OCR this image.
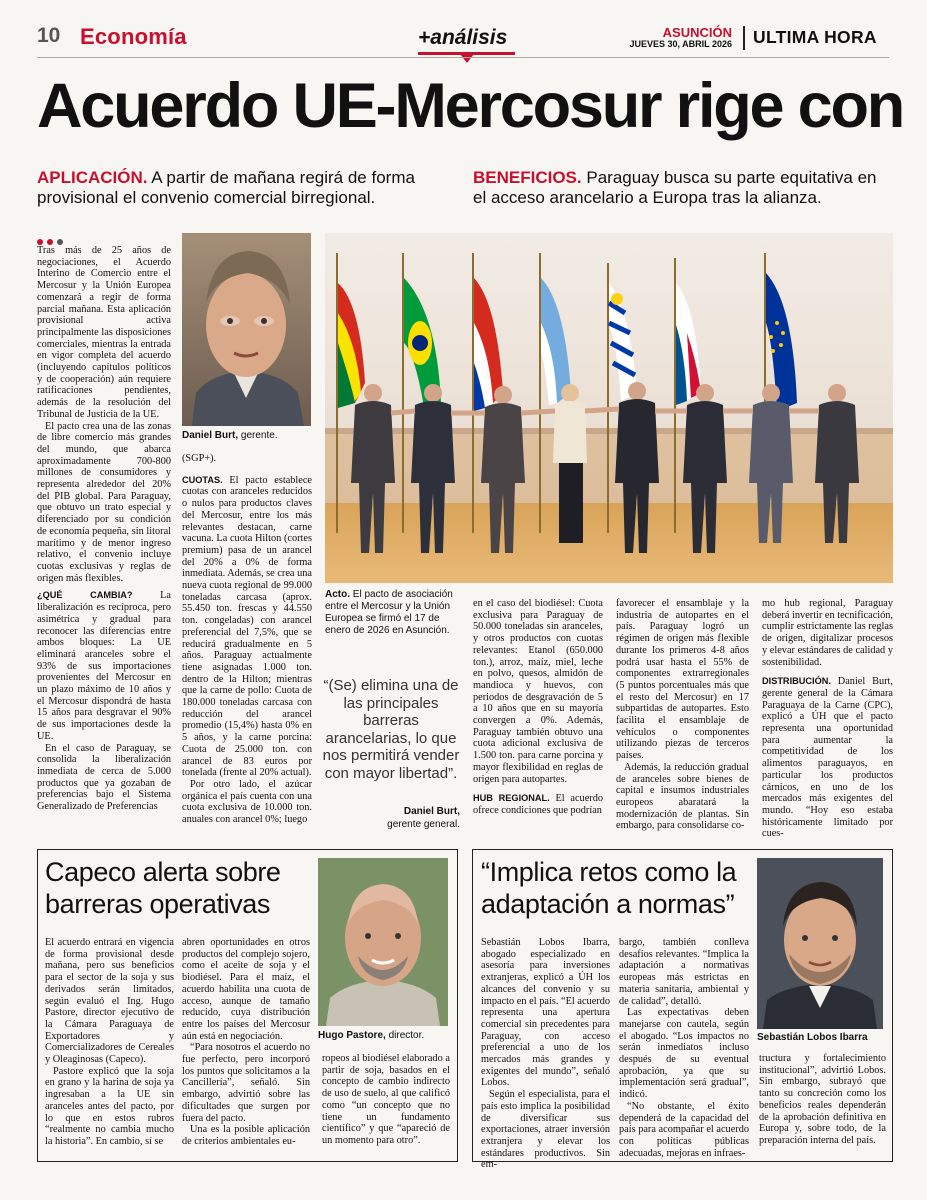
10 Economía	+análisis	ASUNCIÓN
JUEVES 30, ABRIL 2026 ULTIMA HORA
Acuerdo UE-Mercosur rige con
APLICACIÓN. A partir de mañana regirá de forma provisional el convenio comercial birregional.
BENEFICIOS. Paraguay busca su parte equitativa en el acceso arancelario a Europa tras la alianza.

Tras más de 25 años de negociaciones, el Acuerdo Interino de Comercio entre el Mercosur y la Unión Europea comenzará a regir de forma parcial mañana. Esta aplicación provisional activa principalmente las disposiciones comerciales, mientras la entrada en vigor completa del acuerdo (incluyendo capítulos políticos y de cooperación) aún requiere ratificaciones pendientes, además de la resolución del Tribunal de Justicia de la UE.

El pacto crea una de las zonas de libre comercio más grandes del mundo, que abarca aproximadamente 700-800 millones de consumidores y representa alrededor del 20% del PIB global. Para Paraguay, que obtuvo un trato especial y diferenciado por su condición de economía pequeña, sin litoral marítimo y de menor ingreso relativo, el convenio incluye cuotas exclusivas y reglas de origen más flexibles.

¿QUÉ CAMBIA? La liberalización es recíproca, pero asimétrica y gradual para reconocer las diferencias entre ambos bloques: La UE eliminará aranceles sobre el 93% de sus importaciones provenientes del Mercosur en un plazo máximo de 10 años y el Mercosur dispondrá de hasta 15 años para desgravar el 90% de sus importaciones desde la UE.

En el caso de Paraguay, se consolida la liberalización inmediata de cerca de 5.000 productos que ya gozaban de preferencias bajo el Sistema Generalizado de Preferencias

Daniel Burt, gerente.

(SGP+).

CUOTAS. El pacto establece cuotas con aranceles reducidos o nulos para productos claves del Mercosur, entre los más relevantes destacan, carne vacuna. La cuota Hilton (cortes premium) pasa de un arancel del 20% a 0% de forma inmediata. Además, se crea una nueva cuota regional de 99.000 toneladas carcasa (aprox. 55.450 ton. frescas y 44.550 ton. congeladas) con arancel preferencial del 7,5%, que se reducirá gradualmente en 5 años. Paraguay actualmente tiene asignadas 1.000 ton. dentro de la Hilton; mientras que la carne de pollo: Cuota de 180.000 toneladas carcasa con reducción del arancel promedio (15,4%) hasta 0% en 5 años, y la carne porcina: Cuota de 25.000 ton. con arancel de 83 euros por tonelada (frente al 20% actual).

Por otro lado, el azúcar orgánica el país cuenta con una cuota exclusiva de 10.000 ton. anuales con arancel 0%; luego

Acto. El pacto de asociación entre el Mercosur y la Unión Europea se firmó el 17 de enero de 2026 en Asunción.
“(Se) elimina una de las principales barreras arancelarias, lo que nos permitirá vender con mayor libertad”.
Daniel Burt,
gerente general.

en el caso del biodiésel: Cuota exclusiva para Paraguay de 50.000 toneladas sin aranceles, y otros productos con cuotas relevantes: Etanol (650.000 ton.), arroz, maíz, miel, leche en polvo, quesos, almidón de mandioca y huevos, con periodos de desgravación de 5 a 10 años que en su mayoría convergen a 0%. Además, Paraguay también obtuvo una cuota adicional exclusiva de 1.500 ton. para carne porcina y mayor flexibilidad en reglas de origen para autopartes.

HUB REGIONAL. El acuerdo ofrece condiciones que podrían

favorecer el ensamblaje y la industria de autopartes en el país. Paraguay logró un régimen de origen más flexible durante los primeros 4-8 años podrá usar hasta el 55% de componentes extrarregionales (5 puntos porcentuales más que el resto del Mercosur) en 17 subpartidas de autopartes. Esto facilita el ensamblaje de vehículos o componentes utilizando piezas de terceros países.

Además, la reducción gradual de aranceles sobre bienes de capital e insumos industriales europeos abaratará la modernización de plantas. Sin embargo, para consolidarse co-

mo hub regional, Paraguay deberá invertir en tecnificación, cumplir estrictamente las reglas de origen, digitalizar procesos y elevar estándares de calidad y sostenibilidad.

DISTRIBUCIÓN. Daniel Burt, gerente general de la Cámara Paraguaya de la Carne (CPC), explicó a ÚH que el pacto representa una oportunidad para aumentar la competitividad de los alimentos paraguayos, en particular los productos cárnicos, en uno de los mercados más exigentes del mundo. “Hoy eso estaba históricamente limitado por cues-

Capeco alerta sobre barreras operativas
Hugo Pastore, director.

El acuerdo entrará en vigencia de forma provisional desde mañana, pero sus beneficios para el sector de la soja y sus derivados serán limitados, según evaluó el Ing. Hugo Pastore, director ejecutivo de la Cámara Paraguaya de Exportadores y Comercializadores de Cereales y Oleaginosas (Capeco).

Pastore explicó que la soja en grano y la harina de soja ya ingresaban a la UE sin aranceles antes del pacto, por lo que en estos rubros “realmente no cambia mucho la historia”. En cambio, sí se

abren oportunidades en otros productos del complejo sojero, como el aceite de soja y el biodiésel. Para el maíz, el acuerdo habilita una cuota de acceso, aunque de tamaño reducido, cuya distribución entre los países del Mercosur aún está en negociación.

“Para nosotros el acuerdo no fue perfecto, pero incorporó los puntos que solicitamos a la Cancillería”, señaló. Sin embargo, advirtió sobre las dificultades que surgen por fuera del pacto.

Una es la posible aplicación de criterios ambientales eu-

ropeos al biodiésel elaborado a partir de soja, basados en el concepto de cambio indirecto de uso de suelo, al que calificó como “un concepto que no tiene un fundamento científico” y que “apareció de un momento para otro”.

“Implica retos como la adaptación a normas”
Sebastián Lobos Ibarra

Sebastián Lobos Ibarra, abogado especializado en asesoría para inversiones extranjeras, explicó a ÚH los alcances del convenio y su impacto en el país. “El acuerdo representa una apertura comercial sin precedentes para Paraguay, con acceso preferencial a uno de los mercados más grandes y exigentes del mundo”, señaló Lobos.

Según el especialista, para el país esto implica la posibilidad de diversificar sus exportaciones, atraer inversión extranjera y elevar los estándares productivos. Sin em-

bargo, también conlleva desafíos relevantes. “Implica la adaptación a normativas europeas más estrictas en materia sanitaria, ambiental y de calidad”, detalló.

Las expectativas deben manejarse con cautela, según el abogado. “Los impactos no serán inmediatos incluso después de su eventual aprobación, ya que su implementación será gradual”, indicó.

“No obstante, el éxito dependerá de la capacidad del país para acompañar el acuerdo con políticas públicas adecuadas, mejoras en infraes-

tructura y fortalecimiento institucional”, advirtió Lobos. Sin embargo, subrayó que tanto su concreción como los beneficios reales dependerán de la aprobación definitiva en Europa y, sobre todo, de la preparación interna del país.
